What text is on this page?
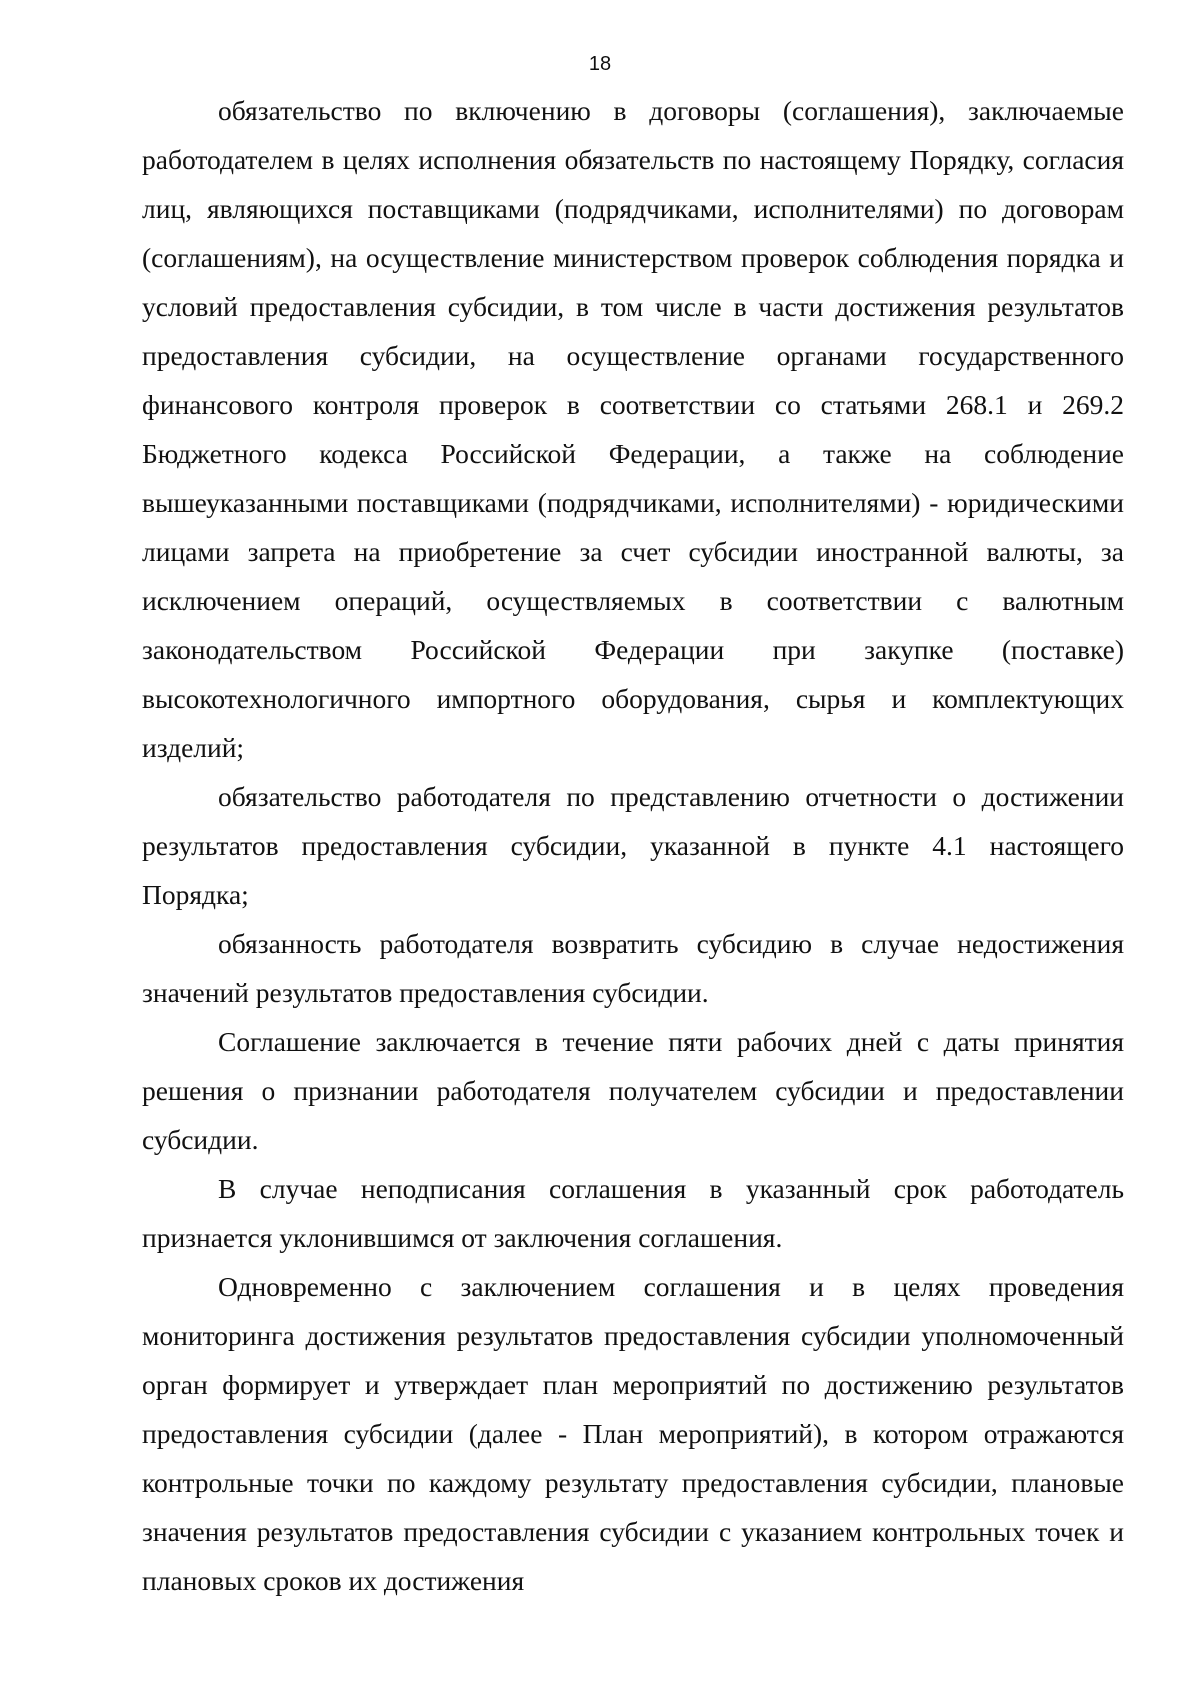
18

обязательство по включению в договоры (соглашения), заключаемые работодателем в целях исполнения обязательств по настоящему Порядку, согласия лиц, являющихся поставщиками (подрядчиками, исполнителями) по договорам (соглашениям), на осуществление министерством проверок соблюдения порядка и условий предоставления субсидии, в том числе в части достижения результатов предоставления субсидии, на осуществление органами государственного финансового контроля проверок в соответствии со статьями 268.1 и 269.2 Бюджетного кодекса Российской Федерации, а также на соблюдение вышеуказанными поставщиками (подрядчиками, исполнителями) - юридическими лицами запрета на приобретение за счет субсидии иностранной валюты, за исключением операций, осуществляемых в соответствии с валютным законодательством Российской Федерации при закупке (поставке) высокотехнологичного импортного оборудования, сырья и комплектующих изделий;

обязательство работодателя по представлению отчетности о достижении результатов предоставления субсидии, указанной в пункте 4.1 настоящего Порядка;

обязанность работодателя возвратить субсидию в случае недостижения значений результатов предоставления субсидии.

Соглашение заключается в течение пяти рабочих дней с даты принятия решения о признании работодателя получателем субсидии и предоставлении субсидии.

В случае неподписания соглашения в указанный срок работодатель признается уклонившимся от заключения соглашения.

Одновременно с заключением соглашения и в целях проведения мониторинга достижения результатов предоставления субсидии уполномоченный орган формирует и утверждает план мероприятий по достижению результатов предоставления субсидии (далее - План мероприятий), в котором отражаются контрольные точки по каждому результату предоставления субсидии, плановые значения результатов предоставления субсидии с указанием контрольных точек и плановых сроков их достижения
